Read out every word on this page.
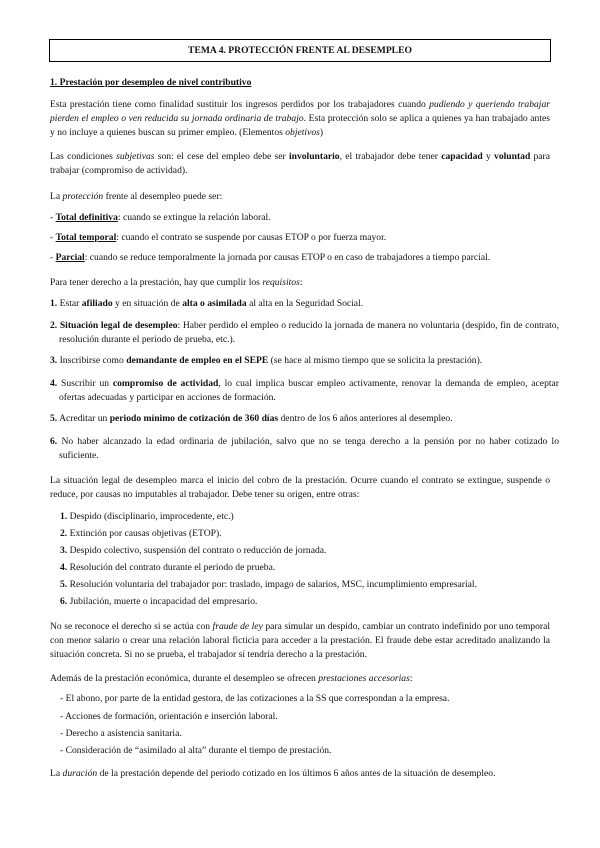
TEMA 4. PROTECCIÓN FRENTE AL DESEMPLEO
1. Prestación por desempleo de nivel contributivo

Esta prestación tiene como finalidad sustituir los ingresos perdidos por los trabajadores cuando pudiendo y queriendo trabajar pierden el empleo o ven reducida su jornada ordinaria de trabajo. Esta protección solo se aplica a quienes ya han trabajado antes y no incluye a quienes buscan su primer empleo. (Elementos objetivos)

Las condiciones subjetivas son: el cese del empleo debe ser involuntario, el trabajador debe tener capacidad y voluntad para trabajar (compromiso de actividad).

La protección frente al desempleo puede ser:

- Total definitiva: cuando se extingue la relación laboral.

- Total temporal: cuando el contrato se suspende por causas ETOP o por fuerza mayor.

- Parcial: cuando se reduce temporalmente la jornada por causas ETOP o en caso de trabajadores a tiempo parcial.

Para tener derecho a la prestación, hay que cumplir los requisitos:

1. Estar afiliado y en situación de alta o asimilada al alta en la Seguridad Social.

2. Situación legal de desempleo: Haber perdido el empleo o reducido la jornada de manera no voluntaria (despido, fin de contrato, resolución durante el periodo de prueba, etc.).

3. Inscribirse como demandante de empleo en el SEPE (se hace al mismo tiempo que se solicita la prestación).

4. Suscribir un compromiso de actividad, lo cual implica buscar empleo activamente, renovar la demanda de empleo, aceptar ofertas adecuadas y participar en acciones de formación.

5. Acreditar un periodo mínimo de cotización de 360 días dentro de los 6 años anteriores al desempleo.

6. No haber alcanzado la edad ordinaria de jubilación, salvo que no se tenga derecho a la pensión por no haber cotizado lo suficiente.

La situación legal de desempleo marca el inicio del cobro de la prestación. Ocurre cuando el contrato se extingue, suspende o reduce, por causas no imputables al trabajador. Debe tener su origen, entre otras:

1. Despido (disciplinario, improcedente, etc.)

2. Extinción por causas objetivas (ETOP).

3. Despido colectivo, suspensión del contrato o reducción de jornada.

4. Resolución del contrato durante el periodo de prueba.

5. Resolución voluntaria del trabajador por: traslado, impago de salarios, MSC, incumplimiento empresarial.

6. Jubilación, muerte o incapacidad del empresario.

No se reconoce el derecho si se actúa con fraude de ley para simular un despido, cambiar un contrato indefinido por uno temporal con menor salario o crear una relación laboral ficticia para acceder a la prestación. El fraude debe estar acreditado analizando la situación concreta. Si no se prueba, el trabajador sí tendría derecho a la prestación.

Además de la prestación económica, durante el desempleo se ofrecen prestaciones accesorias:

- El abono, por parte de la entidad gestora, de las cotizaciones a la SS que correspondan a la empresa.

- Acciones de formación, orientación e inserción laboral.

- Derecho a asistencia sanitaria.

- Consideración de “asimilado al alta” durante el tiempo de prestación.

La duración de la prestación depende del periodo cotizado en los últimos 6 años antes de la situación de desempleo.
